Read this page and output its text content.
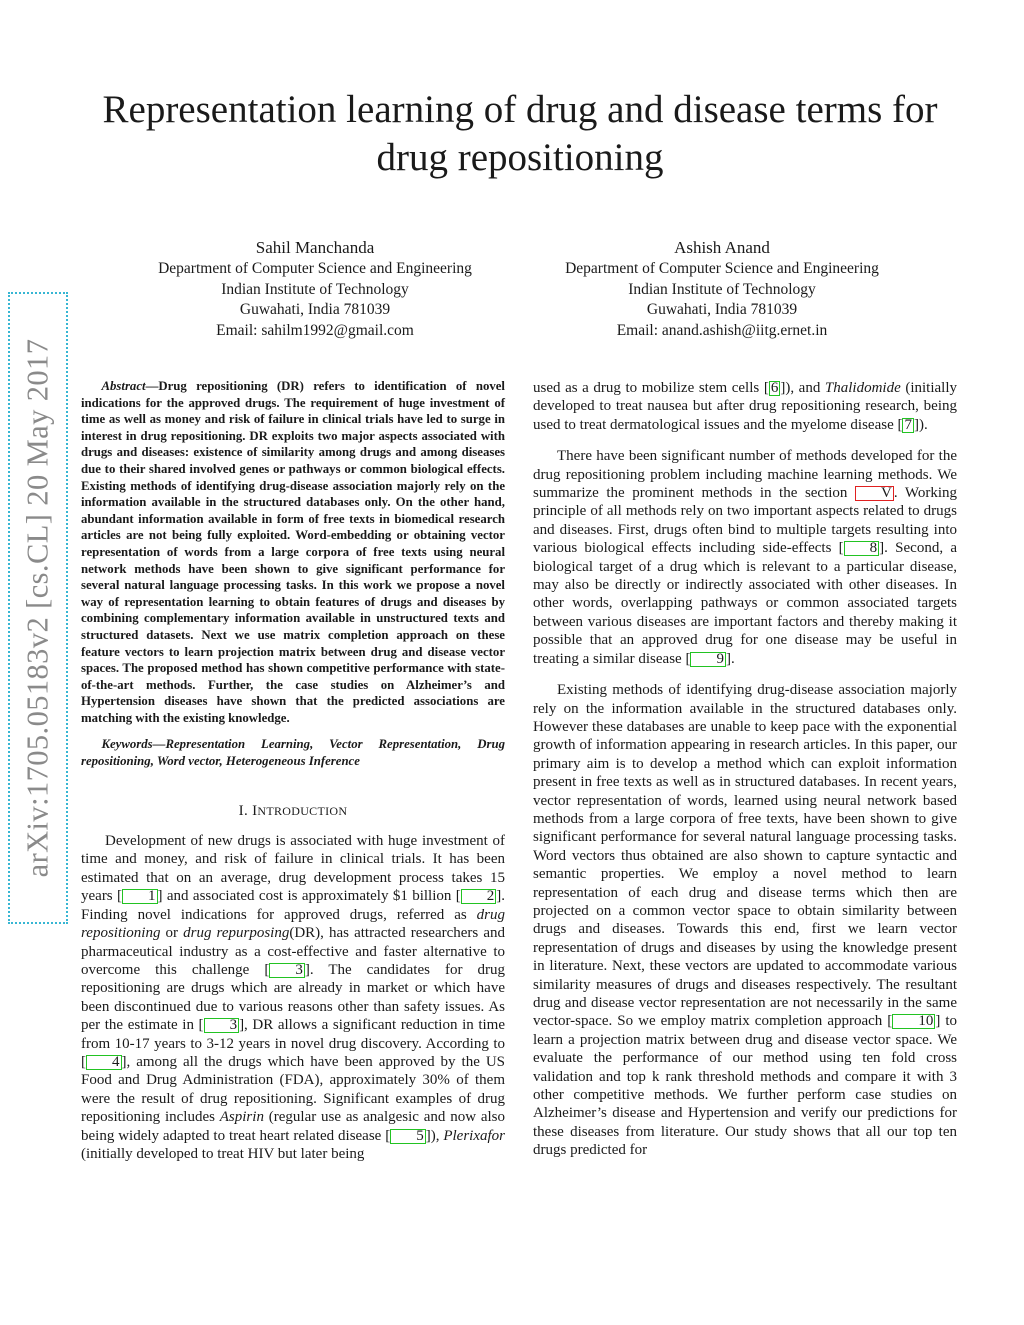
arXiv:1705.05183v2 [cs.CL] 20 May 2017
Representation learning of drug and disease terms for drug repositioning
Sahil Manchanda
Department of Computer Science and Engineering
Indian Institute of Technology
Guwahati, India 781039
Email: sahilm1992@gmail.com
Ashish Anand
Department of Computer Science and Engineering
Indian Institute of Technology
Guwahati, India 781039
Email: anand.ashish@iitg.ernet.in

Abstract—Drug repositioning (DR) refers to identification of novel indications for the approved drugs. The requirement of huge investment of time as well as money and risk of failure in clinical trials have led to surge in interest in drug repositioning. DR exploits two major aspects associated with drugs and diseases: existence of similarity among drugs and among diseases due to their shared involved genes or pathways or common biological effects. Existing methods of identifying drug-disease association majorly rely on the information available in the structured databases only. On the other hand, abundant information available in form of free texts in biomedical research articles are not being fully exploited. Word-embedding or obtaining vector representation of words from a large corpora of free texts using neural network methods have been shown to give significant performance for several natural language processing tasks. In this work we propose a novel way of representation learning to obtain features of drugs and diseases by combining complementary information available in unstructured texts and structured datasets. Next we use matrix completion approach on these feature vectors to learn projection matrix between drug and disease vector spaces. The proposed method has shown competitive performance with state-of-the-art methods. Further, the case studies on Alzheimer’s and Hypertension diseases have shown that the predicted associations are matching with the existing knowledge.

Keywords—Representation Learning, Vector Representation, Drug repositioning, Word vector, Heterogeneous Inference

I. INTRODUCTION

Development of new drugs is associated with huge investment of time and money, and risk of failure in clinical trials. It has been estimated that on an average, drug development process takes 15 years [ 1 ] and associated cost is approximately $1 billion [ 2 ]. Finding novel indications for approved drugs, referred as drug repositioning or drug repurposing(DR), has attracted researchers and pharmaceutical industry as a cost-effective and faster alternative to overcome this challenge [ 3 ]. The candidates for drug repositioning are drugs which are already in market or which have been discontinued due to various reasons other than safety issues. As per the estimate in [ 3 ], DR allows a significant reduction in time from 10-17 years to 3-12 years in novel drug discovery. According to [ 4 ], among all the drugs which have been approved by the US Food and Drug Administration (FDA), approximately 30% of them were the result of drug repositioning. Significant examples of drug repositioning includes Aspirin (regular use as analgesic and now also being widely adapted to treat heart related disease [ 5 ]), Plerixafor (initially developed to treat HIV but later being

used as a drug to mobilize stem cells [ 6 ]), and Thalidomide (initially developed to treat nausea but after drug repositioning research, being used to treat dermatological issues and the myelome disease [ 7 ]).

There have been significant number of methods developed for the drug repositioning problem including machine learning methods. We summarize the prominent methods in the section V . Working principle of all methods rely on two important aspects related to drugs and diseases. First, drugs often bind to multiple targets resulting into various biological effects including side-effects [ 8 ]. Second, a biological target of a drug which is relevant to a particular disease, may also be directly or indirectly associated with other diseases. In other words, overlapping pathways or common associated targets between various diseases are important factors and thereby making it possible that an approved drug for one disease may be useful in treating a similar disease [ 9 ].

Existing methods of identifying drug-disease association majorly rely on the information available in the structured databases only. However these databases are unable to keep pace with the exponential growth of information appearing in research articles. In this paper, our primary aim is to develop a method which can exploit information present in free texts as well as in structured databases. In recent years, vector representation of words, learned using neural network based methods from a large corpora of free texts, have been shown to give significant performance for several natural language processing tasks. Word vectors thus obtained are also shown to capture syntactic and semantic properties. We employ a novel method to learn representation of each drug and disease terms which then are projected on a common vector space to obtain similarity between drugs and diseases. Towards this end, first we learn vector representation of drugs and diseases by using the knowledge present in literature. Next, these vectors are updated to accommodate various similarity measures of drugs and diseases respectively. The resultant drug and disease vector representation are not necessarily in the same vector-space. So we employ matrix completion approach [ 10 ] to learn a projection matrix between drug and disease vector space. We evaluate the performance of our method using ten fold cross validation and top k rank threshold methods and compare it with 3 other competitive methods. We further perform case studies on Alzheimer’s disease and Hypertension and verify our predictions for these diseases from literature. Our study shows that all our top ten drugs predicted for
